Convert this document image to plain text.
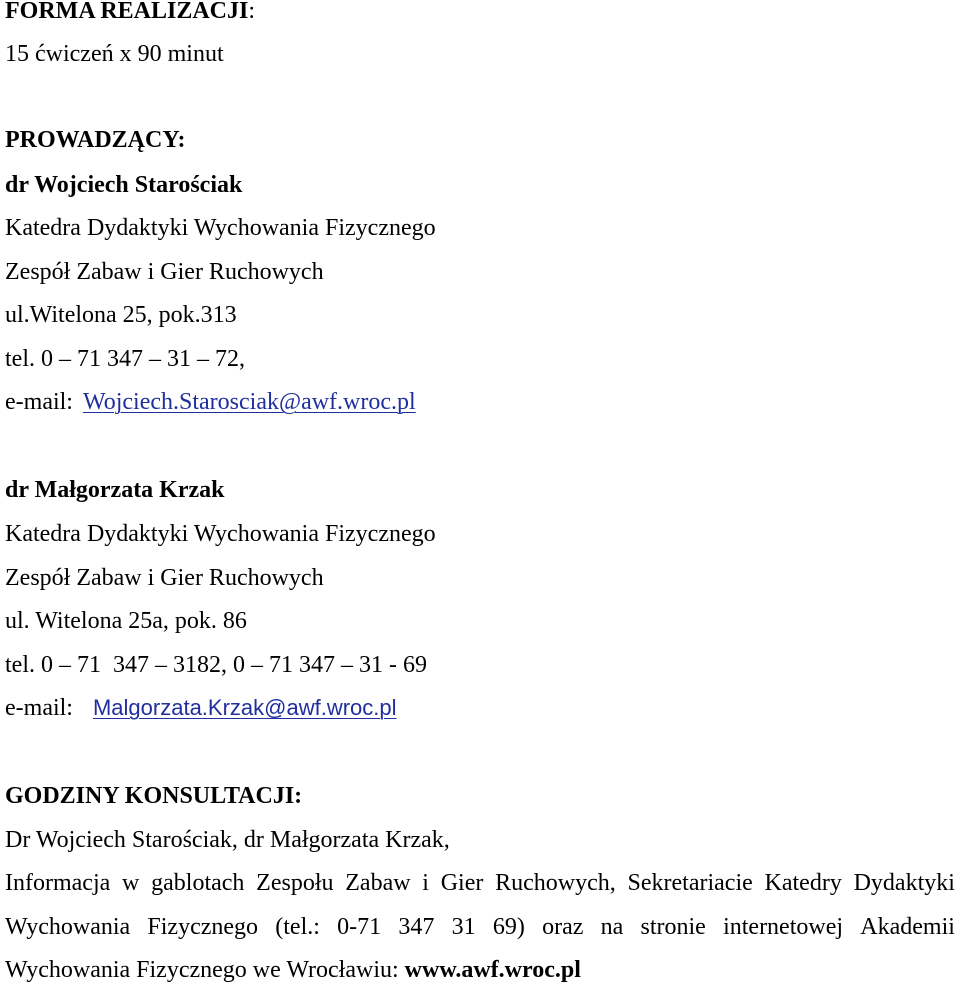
FORMA REALIZACJI:
15 ćwiczeń x 90 minut
PROWADZĄCY:
dr Wojciech Starościak
Katedra Dydaktyki Wychowania Fizycznego
Zespół Zabaw i Gier Ruchowych
ul.Witelona 25, pok.313
tel. 0 – 71 347 – 31 – 72,
e-mail: Wojciech.Starosciak@awf.wroc.pl
dr Małgorzata Krzak
Katedra Dydaktyki Wychowania Fizycznego
Zespół Zabaw i Gier Ruchowych
ul. Witelona 25a, pok. 86
tel. 0 – 71  347 – 3182, 0 – 71 347 – 31 - 69
e-mail: Malgorzata.Krzak@awf.wroc.pl
GODZINY KONSULTACJI:
Dr Wojciech Starościak, dr Małgorzata Krzak,
Informacja w gablotach Zespołu Zabaw i Gier Ruchowych, Sekretariacie Katedry Dydaktyki
Wychowania Fizycznego (tel.: 0-71 347 31 69) oraz na stronie internetowej Akademii
Wychowania Fizycznego we Wrocławiu: www.awf.wroc.pl
